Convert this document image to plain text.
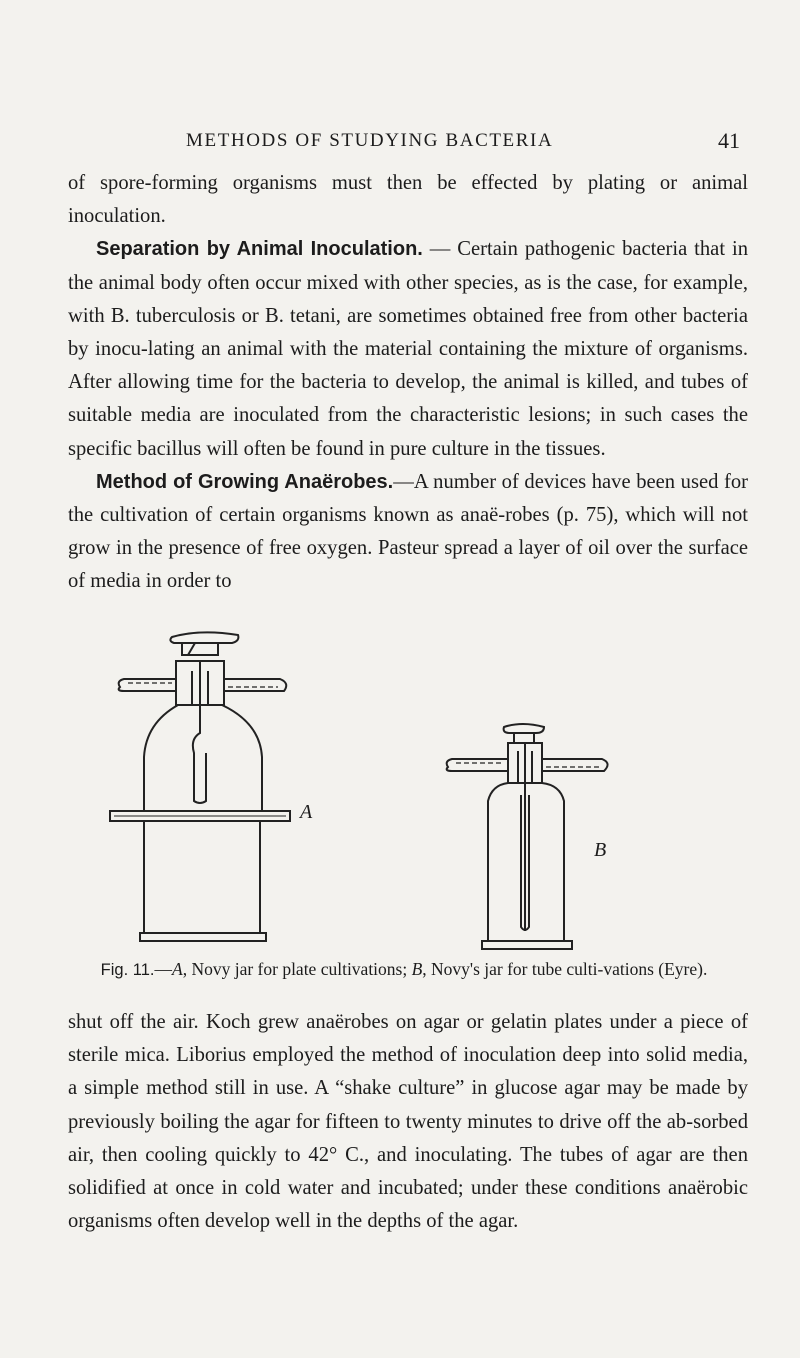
METHODS OF STUDYING BACTERIA	41

of spore-forming organisms must then be effected by plating or animal inoculation.

Separation by Animal Inoculation. — Certain pathogenic bacteria that in the animal body often occur mixed with other species, as is the case, for example, with B. tuberculosis or B. tetani, are sometimes obtained free from other bacteria by inocu-lating an animal with the material containing the mixture of organisms. After allowing time for the bacteria to develop, the animal is killed, and tubes of suitable media are inoculated from the characteristic lesions; in such cases the specific bacillus will often be found in pure culture in the tissues.

Method of Growing Anaërobes.—A number of devices have been used for the cultivation of certain organisms known as anaë-robes (p. 75), which will not grow in the presence of free oxygen. Pasteur spread a layer of oil over the surface of media in order to

A
B
Fig. 11.—A, Novy jar for plate cultivations; B, Novy's jar for tube culti-vations (Eyre).

shut off the air. Koch grew anaërobes on agar or gelatin plates under a piece of sterile mica. Liborius employed the method of inoculation deep into solid media, a simple method still in use. A “shake culture” in glucose agar may be made by previously boiling the agar for fifteen to twenty minutes to drive off the ab-sorbed air, then cooling quickly to 42° C., and inoculating. The tubes of agar are then solidified at once in cold water and incubated; under these conditions anaërobic organisms often develop well in the depths of the agar.
